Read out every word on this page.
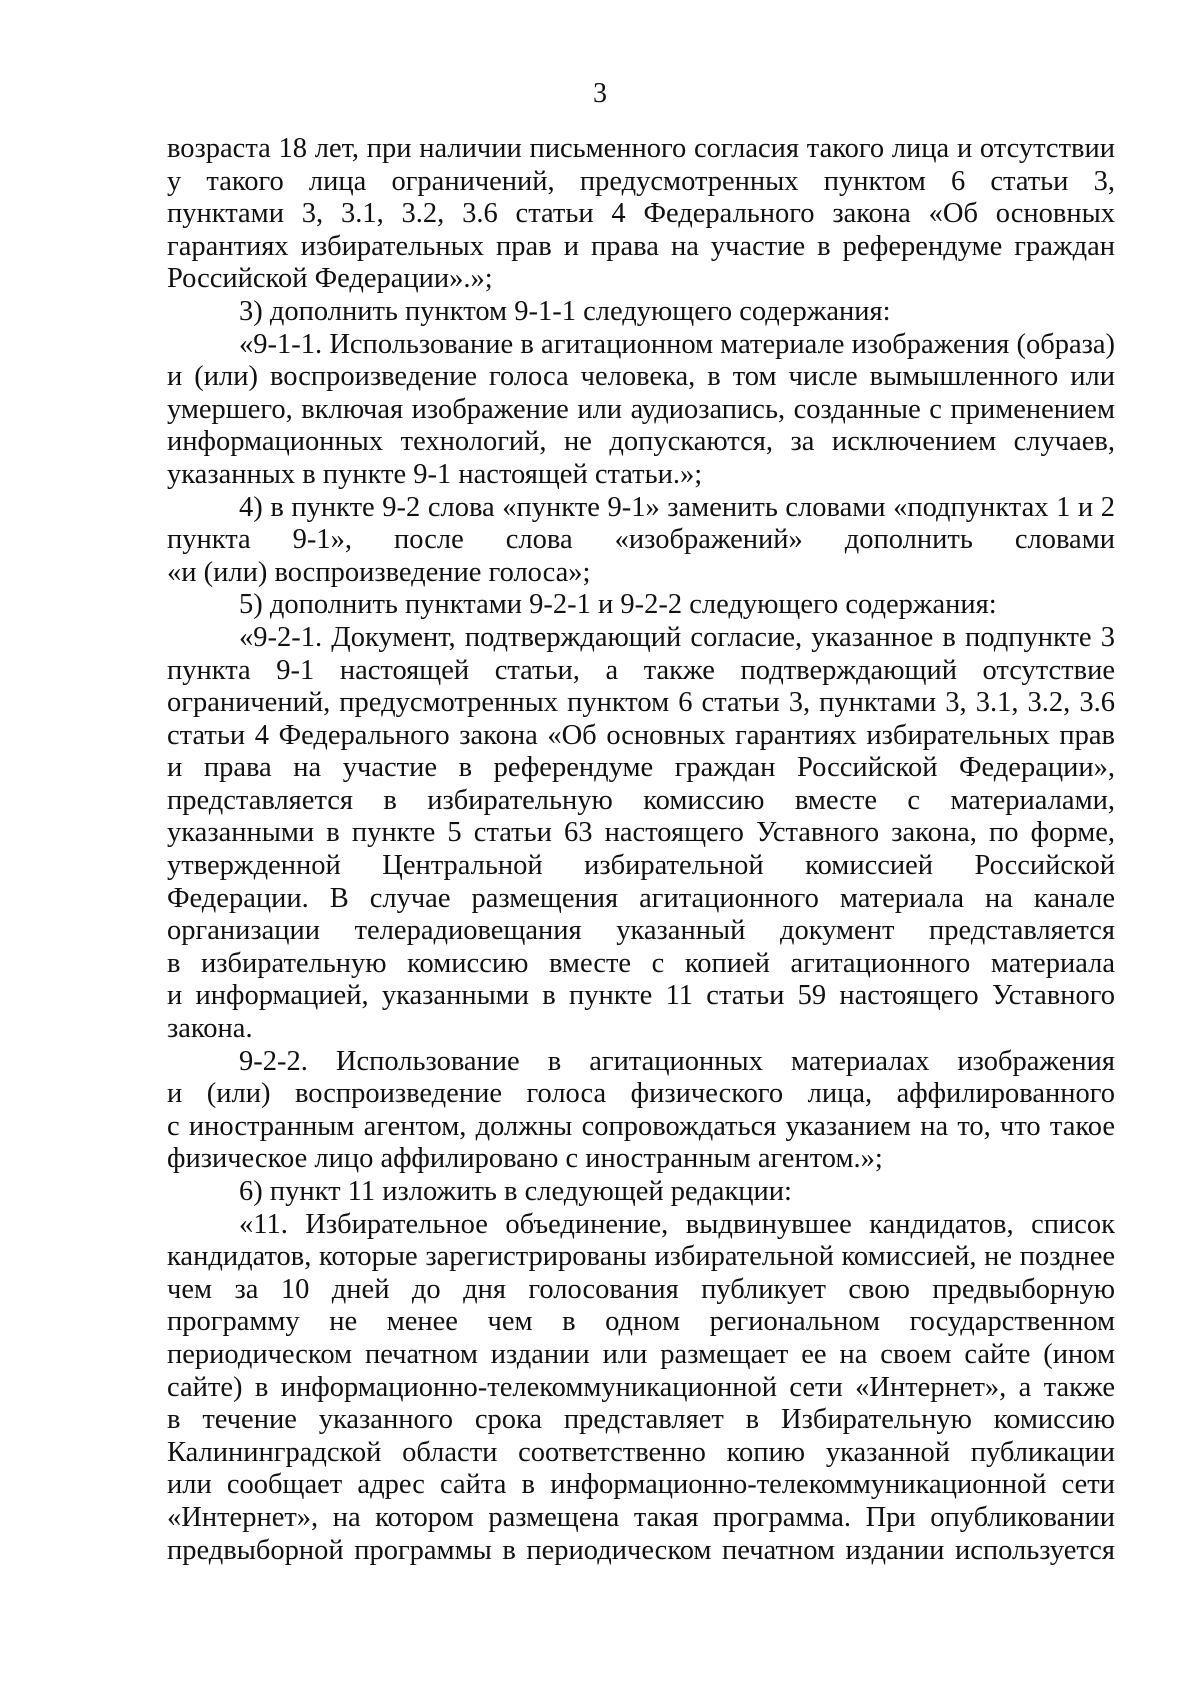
3
возраста 18 лет, при наличии письменного согласия такого лица и отсутствии
у такого лица ограничений, предусмотренных пунктом 6 статьи 3,
пунктами 3, 3.1, 3.2, 3.6 статьи 4 Федерального закона «Об основных
гарантиях избирательных прав и права на участие в референдуме граждан
Российской Федерации».»;
3) дополнить пунктом 9-1-1 следующего содержания:
«9-1-1. Использование в агитационном материале изображения (образа)
и (или) воспроизведение голоса человека, в том числе вымышленного или
умершего, включая изображение или аудиозапись, созданные с применением
информационных технологий, не допускаются, за исключением случаев,
указанных в пункте 9-1 настоящей статьи.»;
4) в пункте 9-2 слова «пункте 9-1» заменить словами «подпунктах 1 и 2
пункта 9-1», после слова «изображений» дополнить словами
«и (или) воспроизведение голоса»;
5) дополнить пунктами 9-2-1 и 9-2-2 следующего содержания:
«9-2-1. Документ, подтверждающий согласие, указанное в подпункте 3
пункта 9-1 настоящей статьи, а также подтверждающий отсутствие
ограничений, предусмотренных пунктом 6 статьи 3, пунктами 3, 3.1, 3.2, 3.6
статьи 4 Федерального закона «Об основных гарантиях избирательных прав
и права на участие в референдуме граждан Российской Федерации»,
представляется в избирательную комиссию вместе с материалами,
указанными в пункте 5 статьи 63 настоящего Уставного закона, по форме,
утвержденной Центральной избирательной комиссией Российской
Федерации. В случае размещения агитационного материала на канале
организации телерадиовещания указанный документ представляется
в избирательную комиссию вместе с копией агитационного материала
и информацией, указанными в пункте 11 статьи 59 настоящего Уставного
закона.
9-2-2. Использование в агитационных материалах изображения
и (или) воспроизведение голоса физического лица, аффилированного
с иностранным агентом, должны сопровождаться указанием на то, что такое
физическое лицо аффилировано с иностранным агентом.»;
6) пункт 11 изложить в следующей редакции:
«11. Избирательное объединение, выдвинувшее кандидатов, список
кандидатов, которые зарегистрированы избирательной комиссией, не позднее
чем за 10 дней до дня голосования публикует свою предвыборную
программу не менее чем в одном региональном государственном
периодическом печатном издании или размещает ее на своем сайте (ином
сайте) в информационно-телекоммуникационной сети «Интернет», а также
в течение указанного срока представляет в Избирательную комиссию
Калининградской области соответственно копию указанной публикации
или сообщает адрес сайта в информационно-телекоммуникационной сети
«Интернет», на котором размещена такая программа. При опубликовании
предвыборной программы в периодическом печатном издании используется
